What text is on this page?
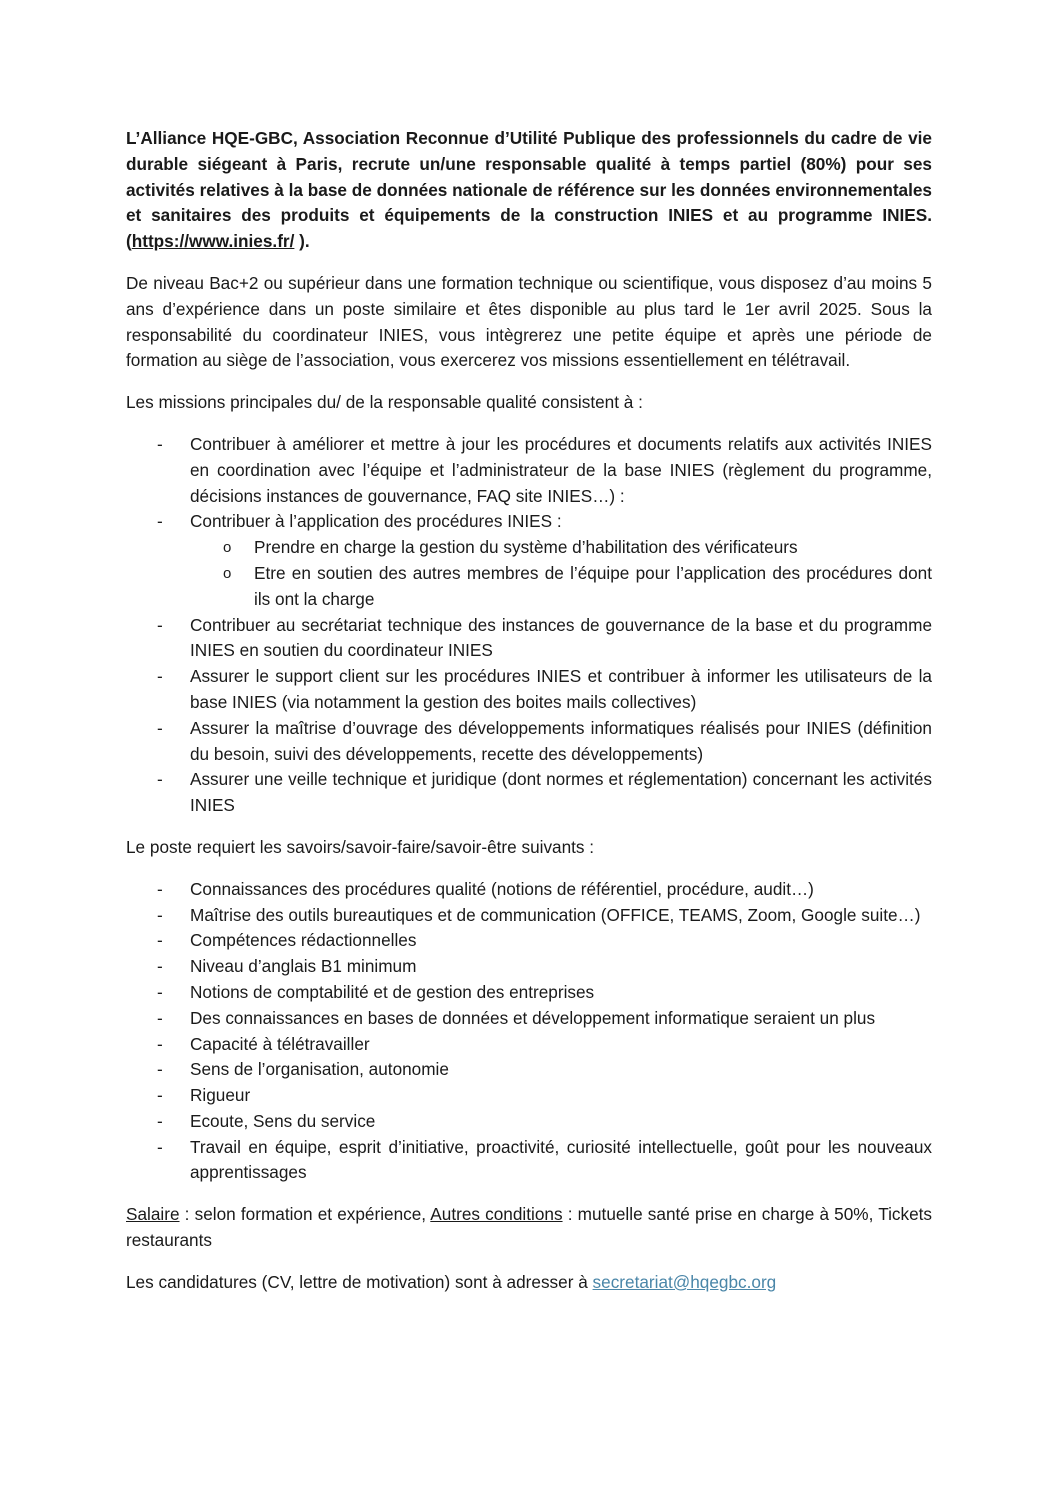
L’Alliance HQE-GBC, Association Reconnue d’Utilité Publique des professionnels du cadre de vie durable siégeant à Paris, recrute un/une responsable qualité à temps partiel (80%) pour ses activités relatives à la base de données nationale de référence sur les données environnementales et sanitaires des produits et équipements de la construction INIES et au programme INIES. (https://www.inies.fr/ ).

De niveau Bac+2 ou supérieur dans une formation technique ou scientifique, vous disposez d’au moins 5 ans d’expérience dans un poste similaire et êtes disponible au plus tard le 1er avril 2025. Sous la responsabilité du coordinateur INIES, vous intègrerez une petite équipe et après une période de formation au siège de l’association, vous exercerez vos missions essentiellement en télétravail.

Les missions principales du/ de la responsable qualité consistent à :

- Contribuer à améliorer et mettre à jour les procédures et documents relatifs aux activités INIES en coordination avec l’équipe et l’administrateur de la base INIES (règlement du programme, décisions instances de gouvernance, FAQ site INIES…) :
- Contribuer à l’application des procédures INIES :
o Prendre en charge la gestion du système d’habilitation des vérificateurs
o Etre en soutien des autres membres de l’équipe pour l’application des procédures dont ils ont la charge
- Contribuer au secrétariat technique des instances de gouvernance de la base et du programme INIES en soutien du coordinateur INIES
- Assurer le support client sur les procédures INIES et contribuer à informer les utilisateurs de la base INIES (via notamment la gestion des boites mails collectives)
- Assurer la maîtrise d’ouvrage des développements informatiques réalisés pour INIES (définition du besoin, suivi des développements, recette des développements)
- Assurer une veille technique et juridique (dont normes et réglementation) concernant les activités INIES

Le poste requiert les savoirs/savoir-faire/savoir-être suivants :

- Connaissances des procédures qualité (notions de référentiel, procédure, audit…)
- Maîtrise des outils bureautiques et de communication (OFFICE, TEAMS, Zoom, Google suite…)
- Compétences rédactionnelles
- Niveau d’anglais B1 minimum
- Notions de comptabilité et de gestion des entreprises
- Des connaissances en bases de données et développement informatique seraient un plus
- Capacité à télétravailler
- Sens de l’organisation, autonomie
- Rigueur
- Ecoute, Sens du service
- Travail en équipe, esprit d’initiative, proactivité, curiosité intellectuelle, goût pour les nouveaux apprentissages

Salaire : selon formation et expérience, Autres conditions : mutuelle santé prise en charge à 50%, Tickets restaurants

Les candidatures (CV, lettre de motivation) sont à adresser à secretariat@hqegbc.org
